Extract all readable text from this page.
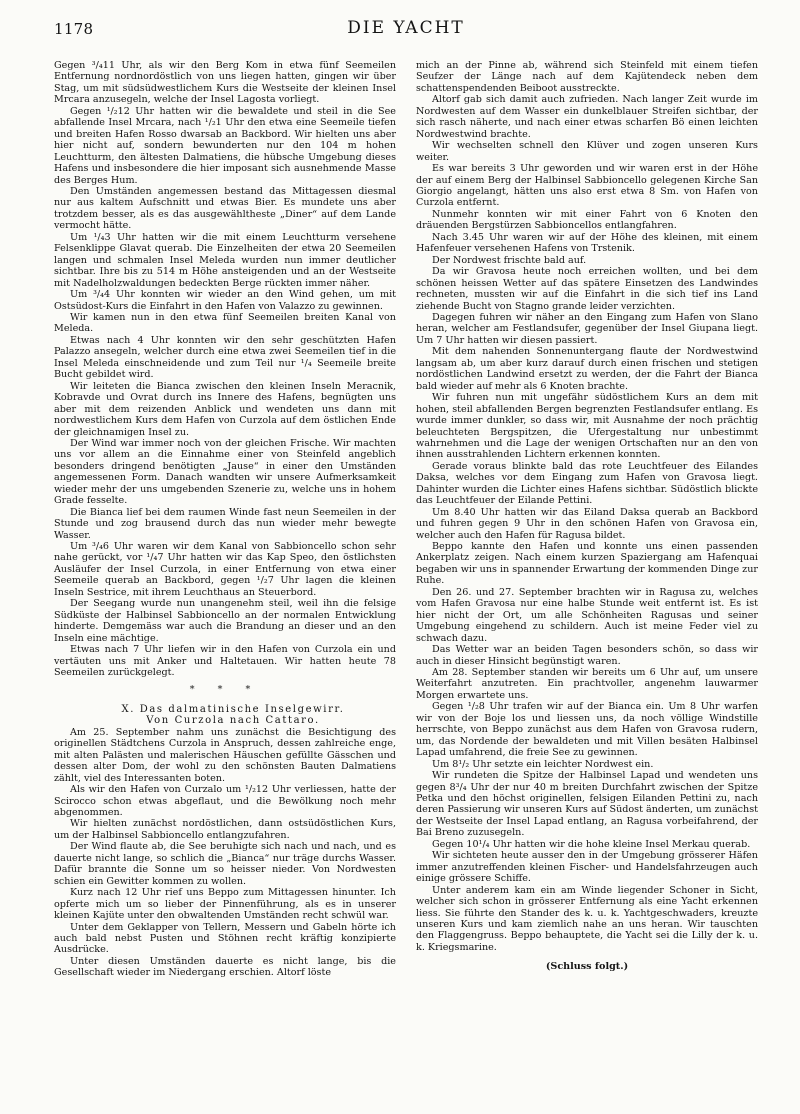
1178	DIE YACHT

Gegen ³/₄11 Uhr, als wir den Berg Kom in etwa fünf Seemeilen Entfernung nordnordöstlich von uns liegen hatten, gingen wir über Stag, um mit südsüdwestlichem Kurs die Westseite der kleinen Insel Mrcara anzusegeln, welche der Insel Lagosta vorliegt.

Gegen ¹/₂12 Uhr hatten wir die bewaldete und steil in die See abfallende Insel Mrcara, nach ¹/₂1 Uhr den etwa eine Seemeile tiefen und breiten Hafen Rosso dwarsab an Backbord. Wir hielten uns aber hier nicht auf, sondern bewunderten nur den 104 m hohen Leuchtturm, den ältesten Dalmatiens, die hübsche Umgebung dieses Hafens und insbesondere die hier imposant sich ausnehmende Masse des Berges Hum.

Den Umständen angemessen bestand das Mittagessen diesmal nur aus kaltem Aufschnitt und etwas Bier. Es mundete uns aber trotzdem besser, als es das ausgewähltheste „Diner“ auf dem Lande vermocht hätte.

Um ¹/₄3 Uhr hatten wir die mit einem Leuchtturm versehene Felsenklippe Glavat querab. Die Einzelheiten der etwa 20 Seemeilen langen und schmalen Insel Meleda wurden nun immer deutlicher sichtbar. Ihre bis zu 514 m Höhe ansteigenden und an der Westseite mit Nadelholzwaldungen bedeckten Berge rückten immer näher.

Um ³/₄4 Uhr konnten wir wieder an den Wind gehen, um mit Ostsüdost-Kurs die Einfahrt in den Hafen von Valazzo zu gewinnen.

Wir kamen nun in den etwa fünf Seemeilen breiten Kanal von Meleda.

Etwas nach 4 Uhr konnten wir den sehr geschützten Hafen Palazzo ansegeln, welcher durch eine etwa zwei Seemeilen tief in die Insel Meleda einschneidende und zum Teil nur ¹/₄ Seemeile breite Bucht gebildet wird.

Wir leiteten die Bianca zwischen den kleinen Inseln Meracnik, Kobravde und Ovrat durch ins Innere des Hafens, begnügten uns aber mit dem reizenden Anblick und wendeten uns dann mit nordwestlichem Kurs dem Hafen von Curzola auf dem östlichen Ende der gleichnamigen Insel zu.

Der Wind war immer noch von der gleichen Frische. Wir machten uns vor allem an die Einnahme einer von Steinfeld angeblich besonders dringend benötigten „Jause“ in einer den Umständen angemessenen Form. Danach wandten wir unsere Aufmerksamkeit wieder mehr der uns umgebenden Szenerie zu, welche uns in hohem Grade fesselte.

Die Bianca lief bei dem raumen Winde fast neun Seemeilen in der Stunde und zog brausend durch das nun wieder mehr bewegte Wasser.

Um ³/₄6 Uhr waren wir dem Kanal von Sabbioncello schon sehr nahe gerückt, vor ¹/₄7 Uhr hatten wir das Kap Speo, den östlichsten Ausläufer der Insel Curzola, in einer Entfernung von etwa einer Seemeile querab an Backbord, gegen ¹/₂7 Uhr lagen die kleinen Inseln Sestrice, mit ihrem Leuchthaus an Steuerbord.

Der Seegang wurde nun unangenehm steil, weil ihn die felsige Südküste der Halbinsel Sabbioncello an der normalen Entwicklung hinderte. Demgemäss war auch die Brandung an dieser und an den Inseln eine mächtige.

Etwas nach 7 Uhr liefen wir in den Hafen von Curzola ein und vertäuten uns mit Anker und Haltetauen. Wir hatten heute 78 Seemeilen zurückgelegt.

* * *

X. Das dalmatinische Inselgewirr.

Von Curzola nach Cattaro.

Am 25. September nahm uns zunächst die Besichtigung des originellen Städtchens Curzola in Anspruch, dessen zahlreiche enge, mit alten Palästen und malerischen Häuschen gefüllte Gässchen und dessen alter Dom, der wohl zu den schönsten Bauten Dalmatiens zählt, viel des Interessanten boten.

Als wir den Hafen von Curzalo um ¹/₂12 Uhr verliessen, hatte der Scirocco schon etwas abgeflaut, und die Bewölkung noch mehr abgenommen.

Wir hielten zunächst nordöstlichen, dann ostsüdöstlichen Kurs, um der Halbinsel Sabbioncello entlangzufahren.

Der Wind flaute ab, die See beruhigte sich nach und nach, und es dauerte nicht lange, so schlich die „Bianca“ nur träge durchs Wasser. Dafür brannte die Sonne um so heisser nieder. Von Nordwesten schien ein Gewitter kommen zu wollen.

Kurz nach 12 Uhr rief uns Beppo zum Mittagessen hinunter. Ich opferte mich um so lieber der Pinnenführung, als es in unserer kleinen Kajüte unter den obwaltenden Umständen recht schwül war.

Unter dem Geklapper von Tellern, Messern und Gabeln hörte ich auch bald nebst Pusten und Stöhnen recht kräftig konzipierte Ausdrücke.

Unter diesen Umständen dauerte es nicht lange, bis die Gesellschaft wieder im Niedergang erschien. Altorf löste

mich an der Pinne ab, während sich Steinfeld mit einem tiefen Seufzer der Länge nach auf dem Kajütendeck neben dem schattenspendenden Beiboot ausstreckte.

Altorf gab sich damit auch zufrieden. Nach langer Zeit wurde im Nordwesten auf dem Wasser ein dunkelblauer Streifen sichtbar, der sich rasch näherte, und nach einer etwas scharfen Bö einen leichten Nordwestwind brachte.

Wir wechselten schnell den Klüver und zogen unseren Kurs weiter.

Es war bereits 3 Uhr geworden und wir waren erst in der Höhe der auf einem Berg der Halbinsel Sabbioncello gelegenen Kirche San Giorgio angelangt, hätten uns also erst etwa 8 Sm. von Hafen von Curzola entfernt.

Nunmehr konnten wir mit einer Fahrt von 6 Knoten den dräuenden Bergstürzen Sabbioncellos entlangfahren.

Nach 3.45 Uhr waren wir auf der Höhe des kleinen, mit einem Hafenfeuer versehenen Hafens von Trstenik.

Der Nordwest frischte bald auf.

Da wir Gravosa heute noch erreichen wollten, und bei dem schönen heissen Wetter auf das spätere Einsetzen des Landwindes rechneten, mussten wir auf die Einfahrt in die sich tief ins Land ziehende Bucht von Stagno grande leider verzichten.

Dagegen fuhren wir näher an den Eingang zum Hafen von Slano heran, welcher am Festlandsufer, gegenüber der Insel Giupana liegt. Um 7 Uhr hatten wir diesen passiert.

Mit dem nahenden Sonnenuntergang flaute der Nordwestwind langsam ab, um aber kurz darauf durch einen frischen und stetigen nordöstlichen Landwind ersetzt zu werden, der die Fahrt der Bianca bald wieder auf mehr als 6 Knoten brachte.

Wir fuhren nun mit ungefähr südöstlichem Kurs an dem mit hohen, steil abfallenden Bergen begrenzten Festlandsufer entlang. Es wurde immer dunkler, so dass wir, mit Ausnahme der noch prächtig beleuchteten Bergspitzen, die Ufergestaltung nur unbestimmt wahrnehmen und die Lage der wenigen Ortschaften nur an den von ihnen ausstrahlenden Lichtern erkennen konnten.

Gerade voraus blinkte bald das rote Leuchtfeuer des Eilandes Daksa, welches vor dem Eingang zum Hafen von Gravosa liegt. Dahinter wurden die Lichter eines Hafens sichtbar. Südöstlich blickte das Leuchtfeuer der Eilande Pettini.

Um 8.40 Uhr hatten wir das Eiland Daksa querab an Backbord und fuhren gegen 9 Uhr in den schönen Hafen von Gravosa ein, welcher auch den Hafen für Ragusa bildet.

Beppo kannte den Hafen und konnte uns einen passenden Ankerplatz zeigen. Nach einem kurzen Spaziergang am Hafenquai begaben wir uns in spannender Erwartung der kommenden Dinge zur Ruhe.

Den 26. und 27. September brachten wir in Ragusa zu, welches vom Hafen Gravosa nur eine halbe Stunde weit entfernt ist. Es ist hier nicht der Ort, um alle Schönheiten Ragusas und seiner Umgebung eingehend zu schildern. Auch ist meine Feder viel zu schwach dazu.

Das Wetter war an beiden Tagen besonders schön, so dass wir auch in dieser Hinsicht begünstigt waren.

Am 28. September standen wir bereits um 6 Uhr auf, um unsere Weiterfahrt anzutreten. Ein prachtvoller, angenehm lauwarmer Morgen erwartete uns.

Gegen ¹/₂8 Uhr trafen wir auf der Bianca ein. Um 8 Uhr warfen wir von der Boje los und liessen uns, da noch völlige Windstille herrschte, von Beppo zunächst aus dem Hafen von Gravosa rudern, um, das Nordende der bewaldeten und mit Villen besäten Halbinsel Lapad umfahrend, die freie See zu gewinnen.

Um 8¹/₂ Uhr setzte ein leichter Nordwest ein.

Wir rundeten die Spitze der Halbinsel Lapad und wendeten uns gegen 8³/₄ Uhr der nur 40 m breiten Durchfahrt zwischen der Spitze Petka und den höchst originellen, felsigen Eilanden Pettini zu, nach deren Passierung wir unseren Kurs auf Südost änderten, um zunächst der Westseite der Insel Lapad entlang, an Ragusa vorbeifahrend, der Bai Breno zuzusegeln.

Gegen 10¹/₄ Uhr hatten wir die hohe kleine Insel Merkau querab.

Wir sichteten heute ausser den in der Umgebung grösserer Häfen immer anzutreffenden kleinen Fischer- und Handelsfahrzeugen auch einige grössere Schiffe.

Unter anderem kam ein am Winde liegender Schoner in Sicht, welcher sich schon in grösserer Entfernung als eine Yacht erkennen liess. Sie führte den Stander des k. u. k. Yachtgeschwaders, kreuzte unseren Kurs und kam ziemlich nahe an uns heran. Wir tauschten den Flaggengruss. Beppo behauptete, die Yacht sei die Lilly der k. u. k. Kriegsmarine.

(Schluss folgt.)
